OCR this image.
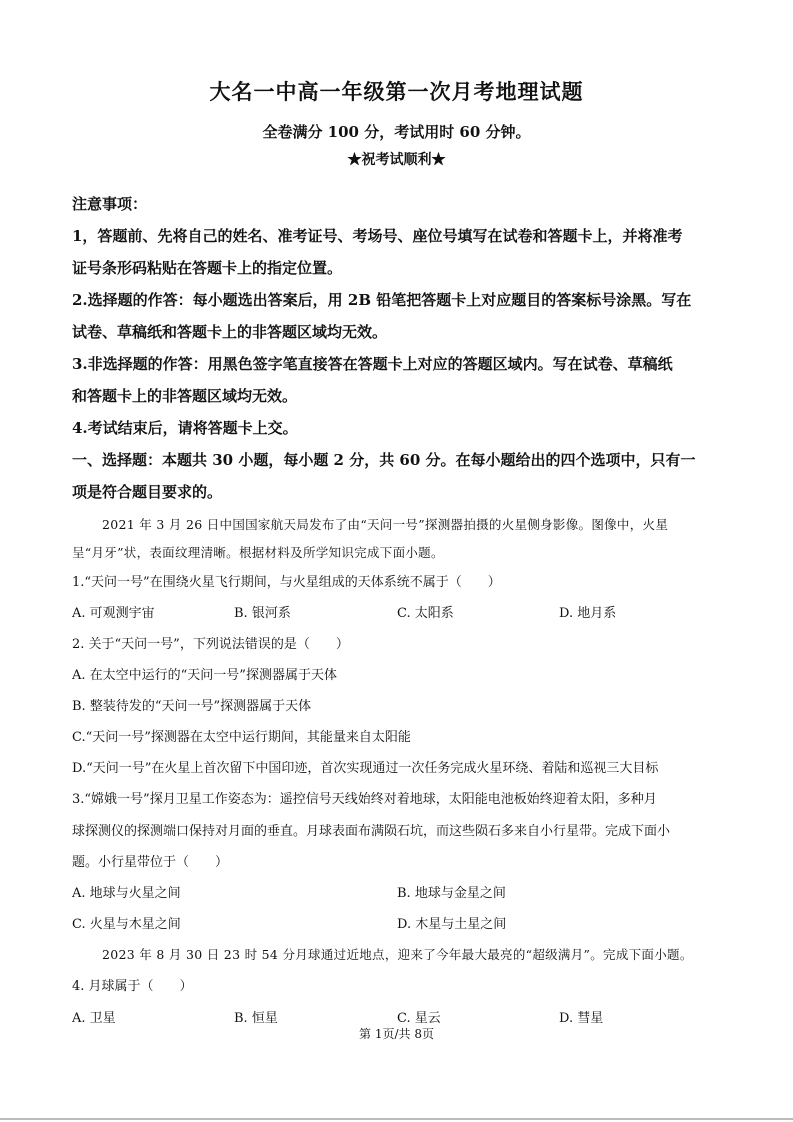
大名一中高一年级第一次月考地理试题
全卷满分 100 分，考试用时 60 分钟。
★祝考试顺利★
注意事项：
1，答题前、先将自己的姓名、准考证号、考场号、座位号填写在试卷和答题卡上，并将准考
证号条形码粘贴在答题卡上的指定位置。
2.选择题的作答：每小题选出答案后，用 2B 铅笔把答题卡上对应题目的答案标号涂黑。写在
试卷、草稿纸和答题卡上的非答题区域均无效。
3.非选择题的作答：用黑色签字笔直接答在答题卡上对应的答题区域内。写在试卷、草稿纸
和答题卡上的非答题区域均无效。
4.考试结束后，请将答题卡上交。
一、选择题：本题共 30 小题，每小题 2 分，共 60 分。在每小题给出的四个选项中，只有一
项是符合题目要求的。
2021 年 3 月 26 日中国国家航天局发布了由“天问一号”探测器拍摄的火星侧身影像。图像中，火星
呈“月牙”状，表面纹理清晰。根据材料及所学知识完成下面小题。
1.“天问一号”在围绕火星飞行期间，与火星组成的天体系统不属于（　　）
A. 可观测宇宙	B. 银河系	C. 太阳系	D. 地月系
2. 关于“天问一号”，下列说法错误的是（　　）
A. 在太空中运行的“天问一号”探测器属于天体
B. 整装待发的“天问一号”探测器属于天体
C.“天问一号”探测器在太空中运行期间，其能量来自太阳能
D.“天问一号”在火星上首次留下中国印迹，首次实现通过一次任务完成火星环绕、着陆和巡视三大目标
3.“嫦娥一号”探月卫星工作姿态为：遥控信号天线始终对着地球，太阳能电池板始终迎着太阳，多种月
球探测仪的探测端口保持对月面的垂直。月球表面布满陨石坑，而这些陨石多来自小行星带。完成下面小
题。小行星带位于（　　）
A. 地球与火星之间	B. 地球与金星之间
C. 火星与木星之间	D. 木星与土星之间
2023 年 8 月 30 日 23 时 54 分月球通过近地点，迎来了今年最大最亮的“超级满月”。完成下面小题。
4. 月球属于（　　）
A. 卫星	B. 恒星	C. 星云	D. 彗星
第 1页/共 8页
